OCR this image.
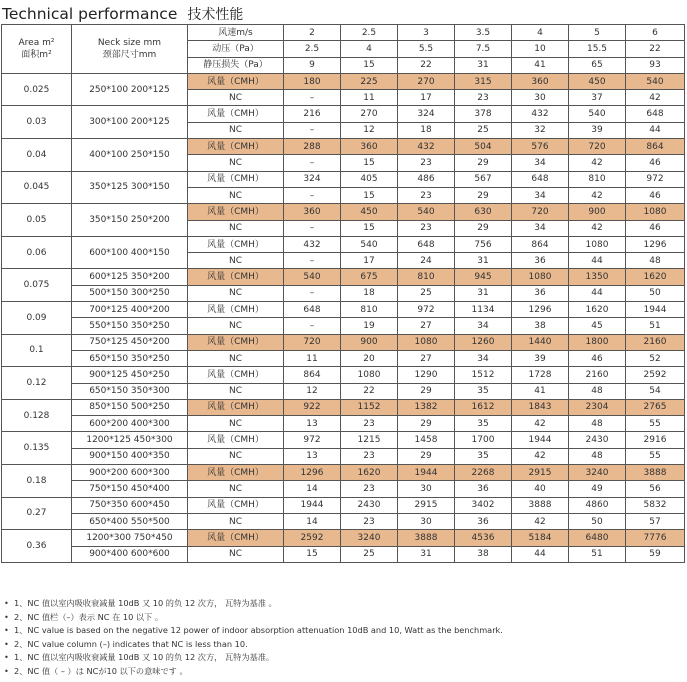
Technical performance 技术性能
Area m²
面积m²	Neck size mm
颈部尺寸mm	风速m/s	2	2.5	3	3.5	4	5	6
		动压（Pa）	2.5	4	5.5	7.5	10	15.5	22
		静压损失（Pa）	9	15	22	31	41	65	93
0.025	250*100 200*125	风量（CMH）	180	225	270	315	360	450	540
		NC	–	11	17	23	30	37	42
0.03	300*100 200*125	风量（CMH）	216	270	324	378	432	540	648
		NC	–	12	18	25	32	39	44
0.04	400*100 250*150	风量（CMH）	288	360	432	504	576	720	864
		NC	–	15	23	29	34	42	46
0.045	350*125 300*150	风量（CMH）	324	405	486	567	648	810	972
		NC	–	15	23	29	34	42	46
0.05	350*150 250*200	风量（CMH）	360	450	540	630	720	900	1080
		NC	–	15	23	29	34	42	46
0.06	600*100 400*150	风量（CMH）	432	540	648	756	864	1080	1296
		NC	–	17	24	31	36	44	48
0.075	600*125 350*200	风量（CMH）	540	675	810	945	1080	1350	1620
	500*150 300*250	NC	–	18	25	31	36	44	50
0.09	700*125 400*200	风量（CMH）	648	810	972	1134	1296	1620	1944
	550*150 350*250	NC	–	19	27	34	38	45	51
0.1	750*125 450*200	风量（CMH）	720	900	1080	1260	1440	1800	2160
	650*150 350*250	NC	11	20	27	34	39	46	52
0.12	900*125 450*250	风量（CMH）	864	1080	1290	1512	1728	2160	2592
	650*150 350*300	NC	12	22	29	35	41	48	54
0.128	850*150 500*250	风量（CMH）	922	1152	1382	1612	1843	2304	2765
	600*200 400*300	NC	13	23	29	35	42	48	55
0.135	1200*125 450*300	风量（CMH）	972	1215	1458	1700	1944	2430	2916
	900*150 400*350	NC	13	23	29	35	42	48	55
0.18	900*200 600*300	风量（CMH）	1296	1620	1944	2268	2915	3240	3888
	750*150 450*400	NC	14	23	30	36	40	49	56
0.27	750*350 600*450	风量（CMH）	1944	2430	2915	3402	3888	4860	5832
	650*400 550*500	NC	14	23	30	36	42	50	57
0.36	1200*300 750*450	风量（CMH）	2592	3240	3888	4536	5184	6480	7776
	900*400 600*600	NC	15	25	31	38	44	51	59
• 1、NC 值以室内吸收衰减量 10dB 又 10 的负 12 次方， 瓦特为基准 。
• 2、NC 值栏（–）表示 NC 在 10 以下 。
• 1、NC value is based on the negative 12 power of indoor absorption attenuation 10dB and 10, Watt as the benchmark.
• 2、NC value column (–) indicates that NC is less than 10.
• 1、NC 值以室内吸收衰减量 10dB 又 10 的负 12 次方， 瓦特为基准。
• 2、NC 值（ – ）は NCが10 以下の意味です 。
